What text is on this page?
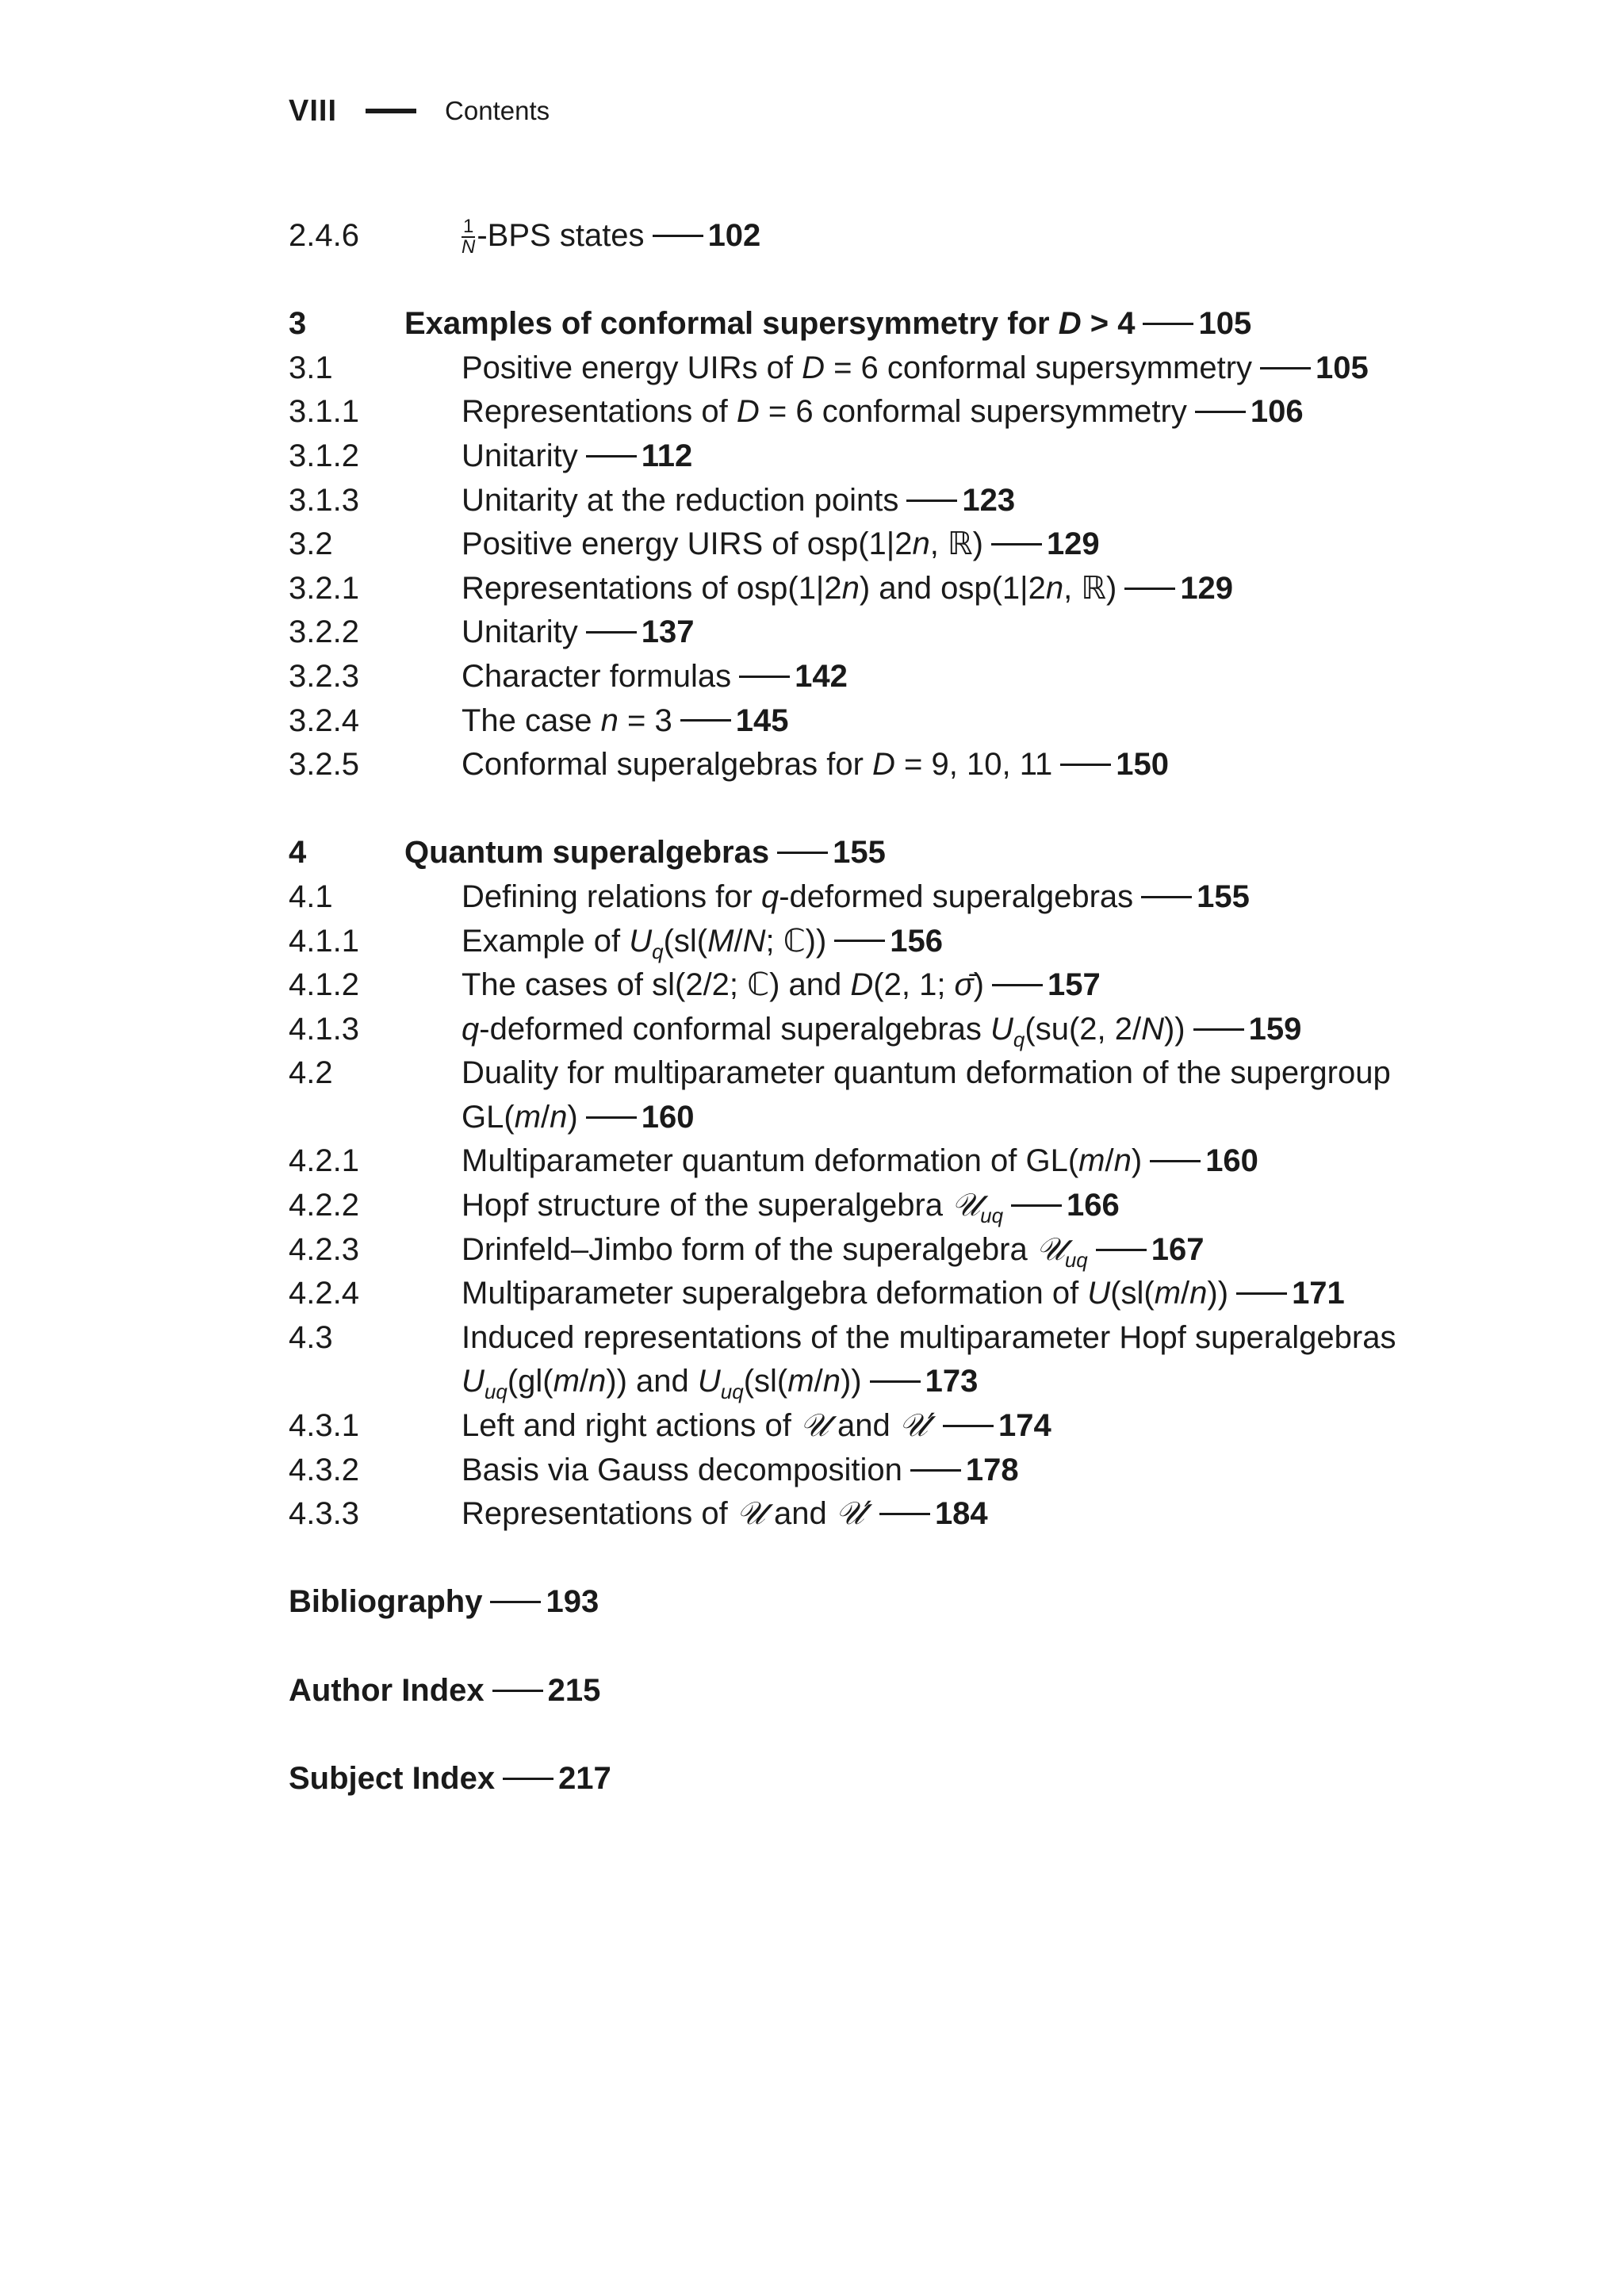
VIII	Contents
2.4.6	$\frac{1}{N} -BPS$ states 102
3	Examples of conformal supersymmetry for D > 4 105
3.1	Positive energy UIRs of D = 6 conformal supersymmetry 105
3.1.1	Representations of D = 6 conformal supersymmetry 106
3.1.2	Unitarity 112
3.1.3	Unitarity at the reduction points 123
3.2	Positive energy UIRS of osp(1|2n, ℝ) 129
3.2.1	Representations of osp(1|2n) and osp(1|2n, ℝ) 129
3.2.2	Unitarity 137
3.2.3	Character formulas 142
3.2.4	The case n = 3 145
3.2.5	Conformal superalgebras for D = 9, 10, 11 150
4	Quantum superalgebras 155
4.1	Defining relations for q-deformed superalgebras 155
4.1.1	Example of $U_q(sl(M/N$; ℂ)) 156
4.1.2	The cases of sl(2/2; ℂ) and D(2, 1; σ̄) 157
4.1.3	q-deformed conformal superalgebras $U_q(su(2$, 2/N)) 159
4.2	Duality for multiparameter quantum deformation of the supergroup
GL(m/n) 160
4.2.1	Multiparameter quantum deformation of GL(m/n) 160
4.2.2	Hopf structure of the superalgebra 𝒰$_{uq}$ 166
4.2.3	Drinfeld–Jimbo form of the superalgebra 𝒰$_{uq}$ 167
4.2.4	Multiparameter superalgebra deformation of U(sl(m/n)) 171
4.3	Induced representations of the multiparameter Hopf superalgebras
$U_{uq}(gl(m/n))$ and $U_{uq}(sl(m/n))$ 173
4.3.1	Left and right actions of 𝒰 and 𝒰′ 174
4.3.2	Basis via Gauss decomposition 178
4.3.3	Representations of 𝒰 and 𝒰′ 184
Bibliography 193
Author Index 215
Subject Index 217
